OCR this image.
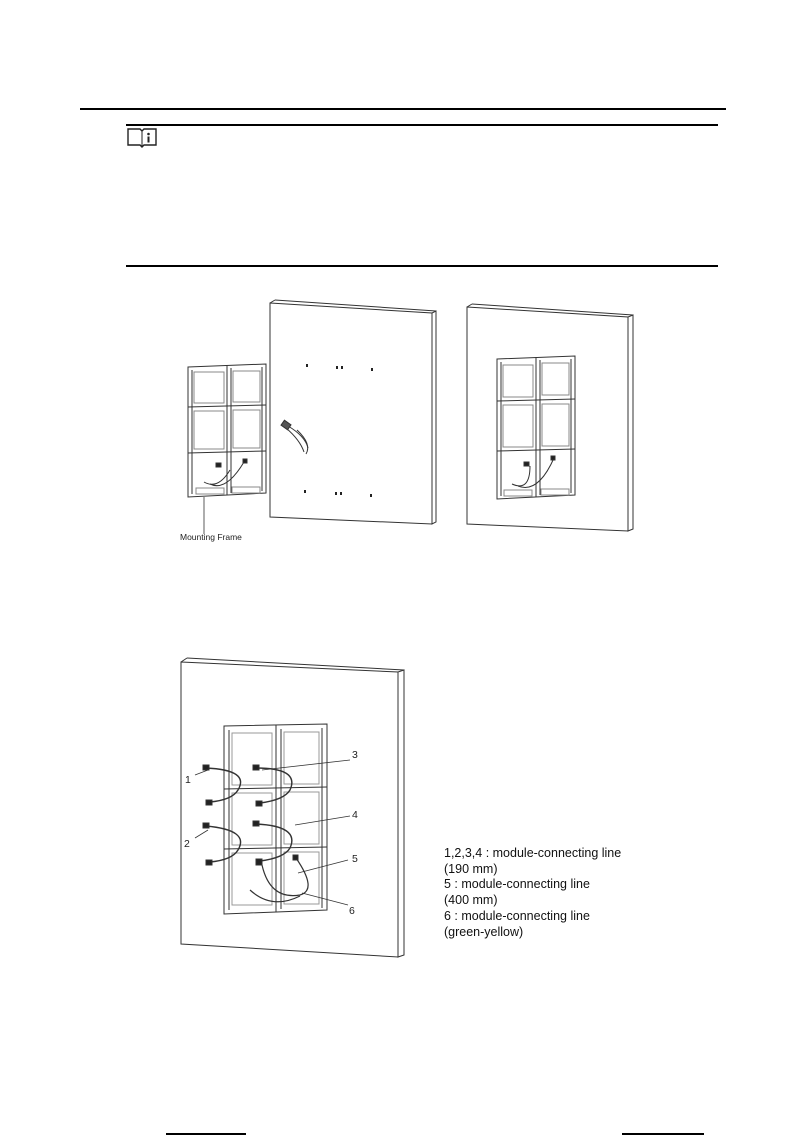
Mounting Frame
1
2
3
4
5
6
1,2,3,4 : module-connecting line
(190 mm)
5 : module-connecting line
(400 mm)
6 : module-connecting line
(green-yellow)
